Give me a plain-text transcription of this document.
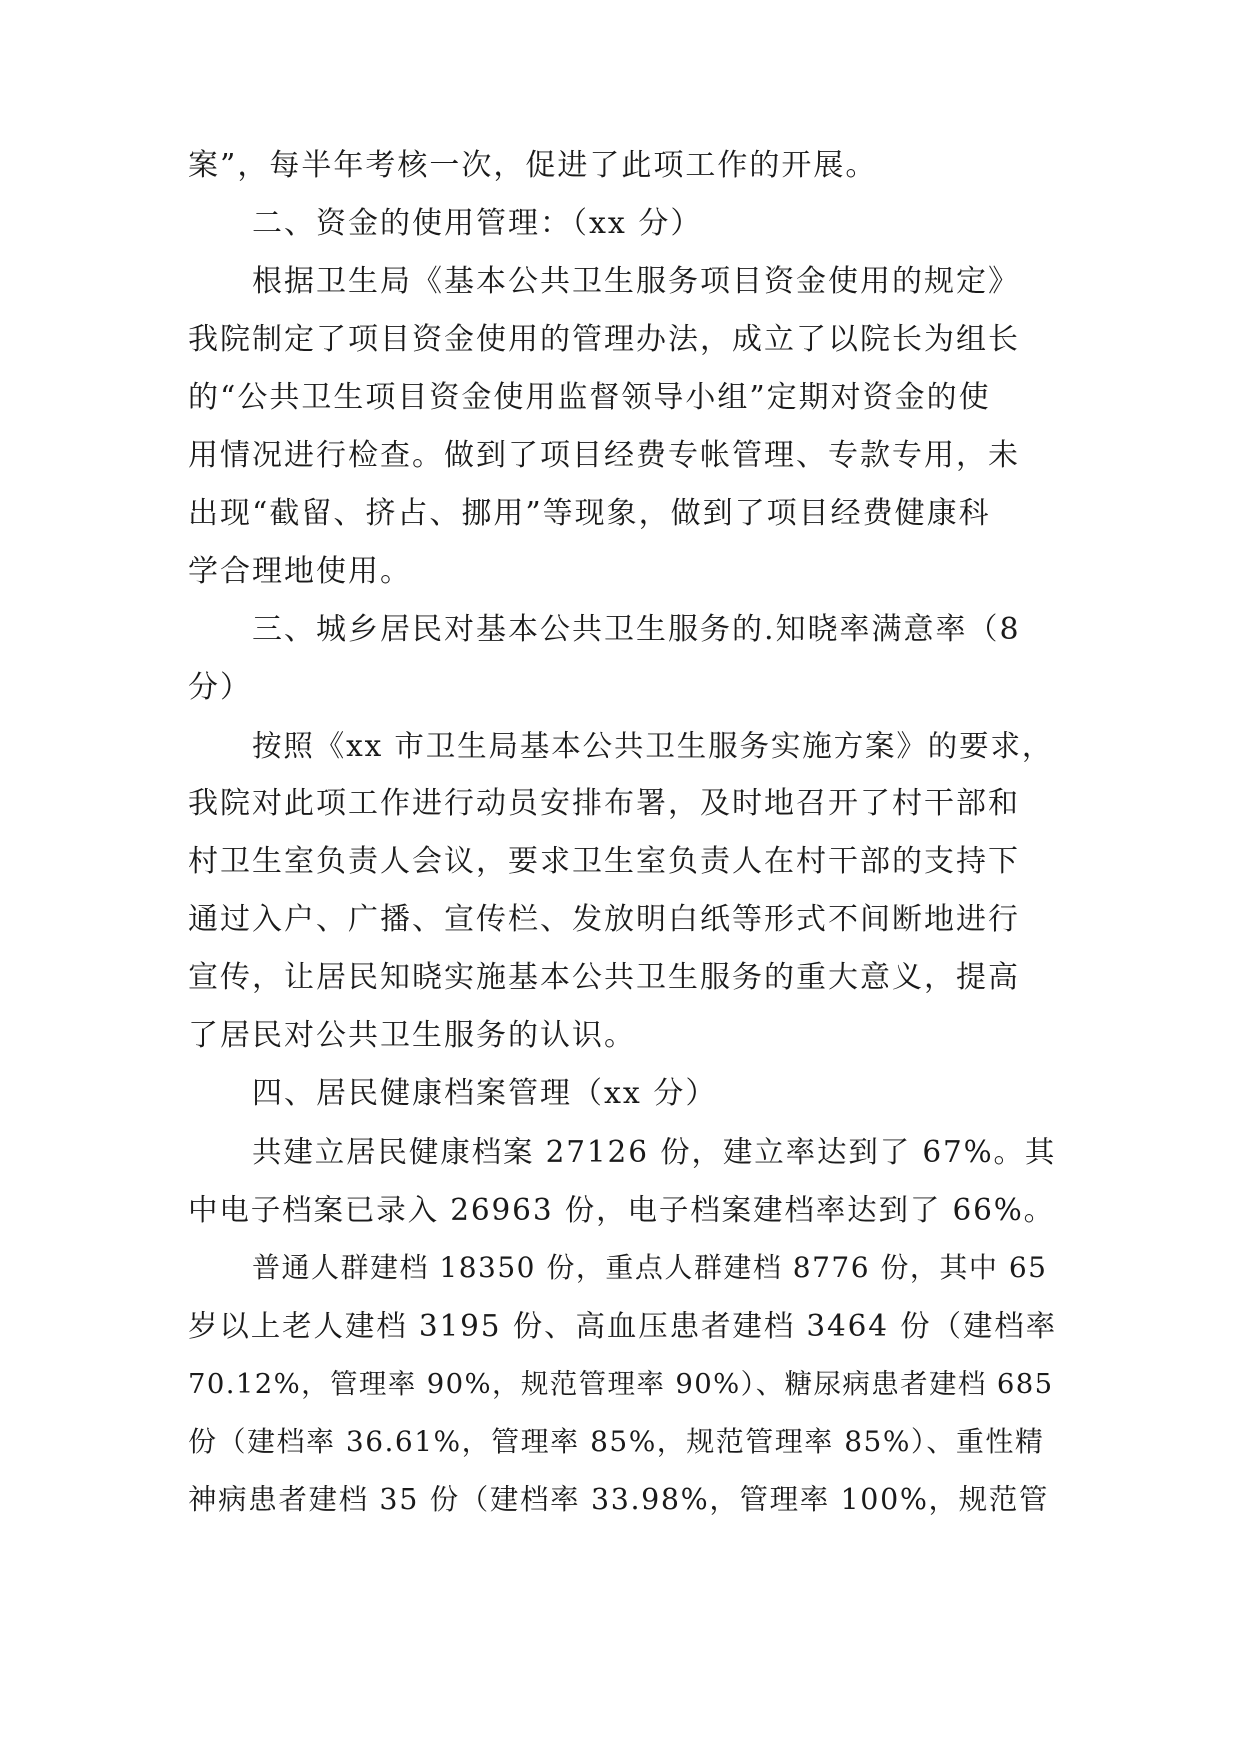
案”，每半年考核一次，促进了此项工作的开展。

二、资金的使用管理：（xx 分）

根据卫生局《基本公共卫生服务项目资金使用的规定》

我院制定了项目资金使用的管理办法，成立了以院长为组长

的“公共卫生项目资金使用监督领导小组”定期对资金的使

用情况进行检查。做到了项目经费专帐管理、专款专用，未

出现“截留、挤占、挪用”等现象，做到了项目经费健康科

学合理地使用。

三、城乡居民对基本公共卫生服务的.知晓率满意率（8

分）

按照《xx 市卫生局基本公共卫生服务实施方案》的要求，

我院对此项工作进行动员安排布署，及时地召开了村干部和

村卫生室负责人会议，要求卫生室负责人在村干部的支持下

通过入户、广播、宣传栏、发放明白纸等形式不间断地进行

宣传，让居民知晓实施基本公共卫生服务的重大意义，提高

了居民对公共卫生服务的认识。

四、居民健康档案管理（xx 分）

共建立居民健康档案 27126 份，建立率达到了 67%。其

中电子档案已录入 26963 份，电子档案建档率达到了 66%。

普通人群建档 18350 份，重点人群建档 8776 份，其中 65

岁以上老人建档 3195 份、高血压患者建档 3464 份（建档率

70.12%，管理率 90%，规范管理率 90%）、糖尿病患者建档 685

份（建档率 36.61%，管理率 85%，规范管理率 85%）、重性精

神病患者建档 35 份（建档率 33.98%，管理率 100%，规范管
